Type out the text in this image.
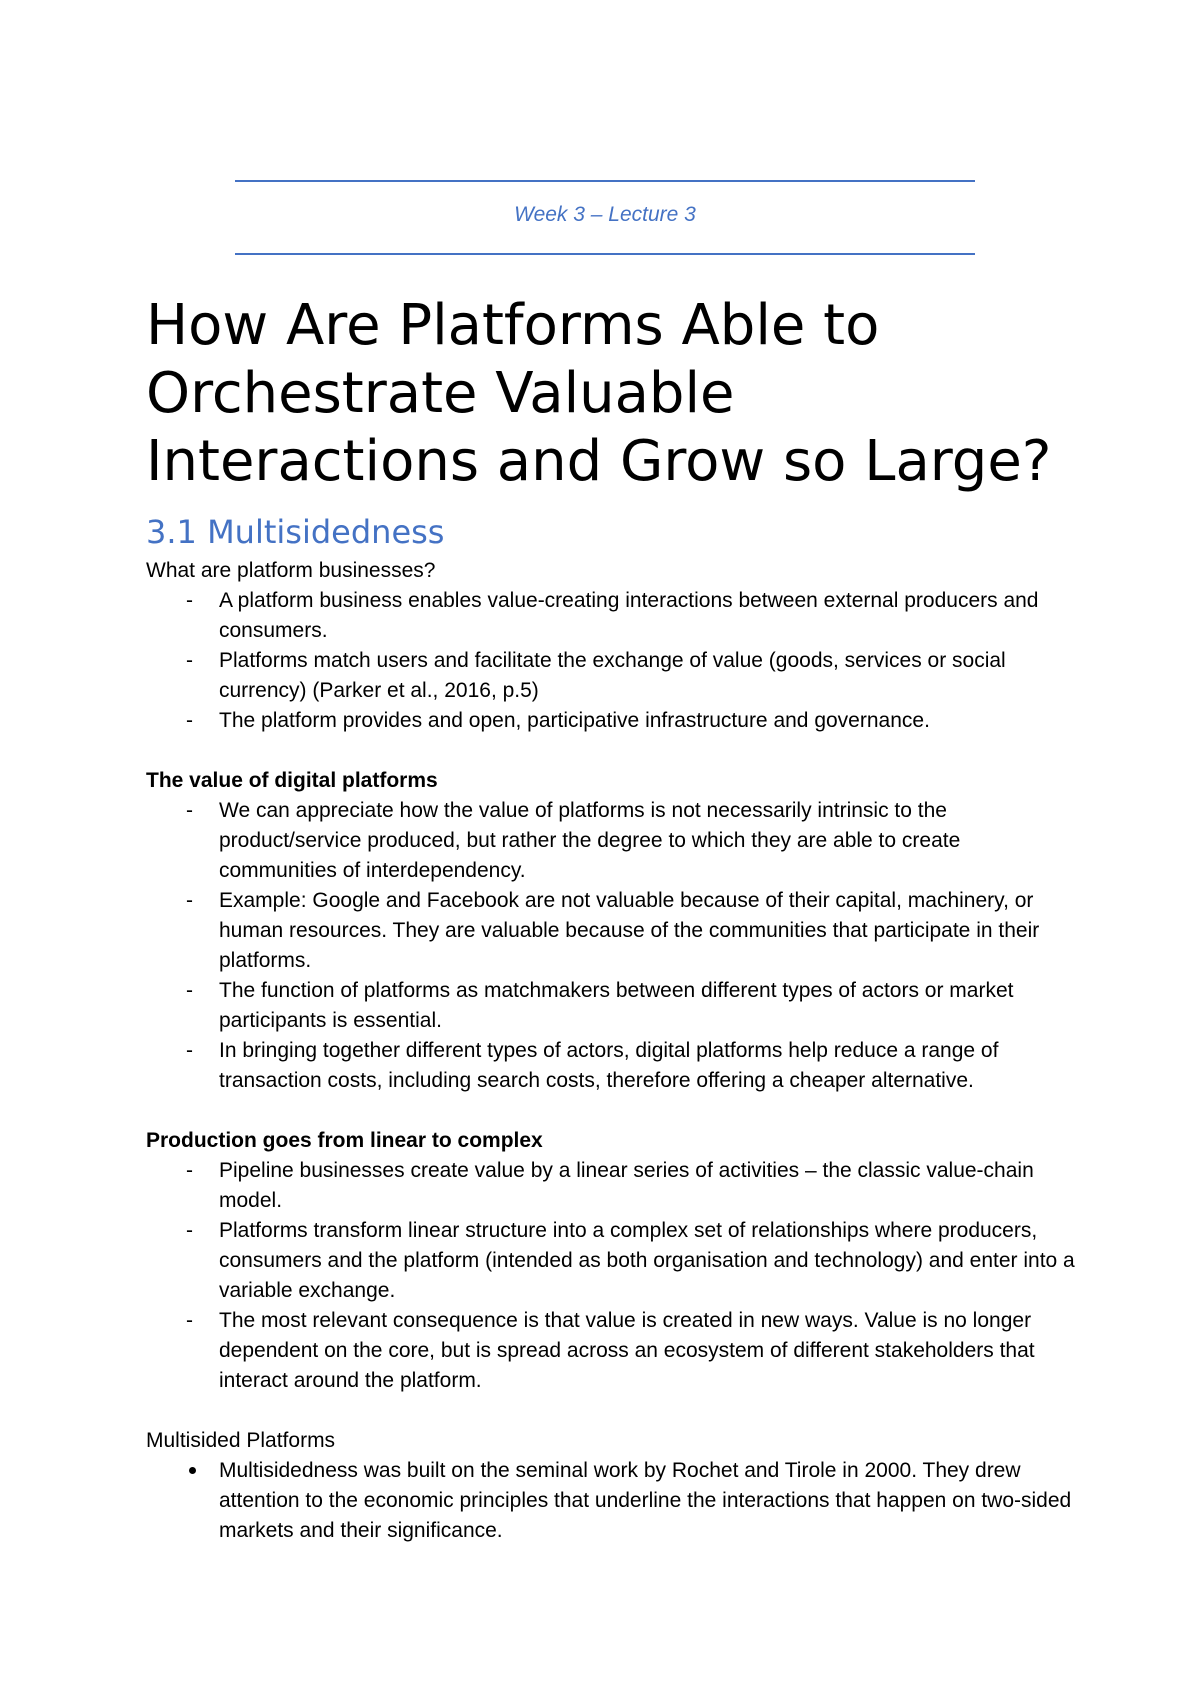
Week 3 – Lecture 3
How Are Platforms Able to
Orchestrate Valuable
Interactions and Grow so Large?
3.1 Multisidedness

What are platform businesses?

-	A platform business enables value-creating interactions between external producers and consumers.
-	Platforms match users and facilitate the exchange of value (goods, services or social currency) (Parker et al., 2016, p.5)
-	The platform provides and open, participative infrastructure and governance.

The value of digital platforms

-	We can appreciate how the value of platforms is not necessarily intrinsic to the product/service produced, but rather the degree to which they are able to create communities of interdependency.
-	Example: Google and Facebook are not valuable because of their capital, machinery, or human resources. They are valuable because of the communities that participate in their platforms.
-	The function of platforms as matchmakers between different types of actors or market participants is essential.
-	In bringing together different types of actors, digital platforms help reduce a range of transaction costs, including search costs, therefore offering a cheaper alternative.

Production goes from linear to complex

-	Pipeline businesses create value by a linear series of activities – the classic value-chain model.
-	Platforms transform linear structure into a complex set of relationships where producers, consumers and the platform (intended as both organisation and technology) and enter into a variable exchange.
-	The most relevant consequence is that value is created in new ways. Value is no longer dependent on the core, but is spread across an ecosystem of different stakeholders that interact around the platform.

Multisided Platforms

Multisidedness was built on the seminal work by Rochet and Tirole in 2000. They drew attention to the economic principles that underline the interactions that happen on two-sided markets and their significance.
